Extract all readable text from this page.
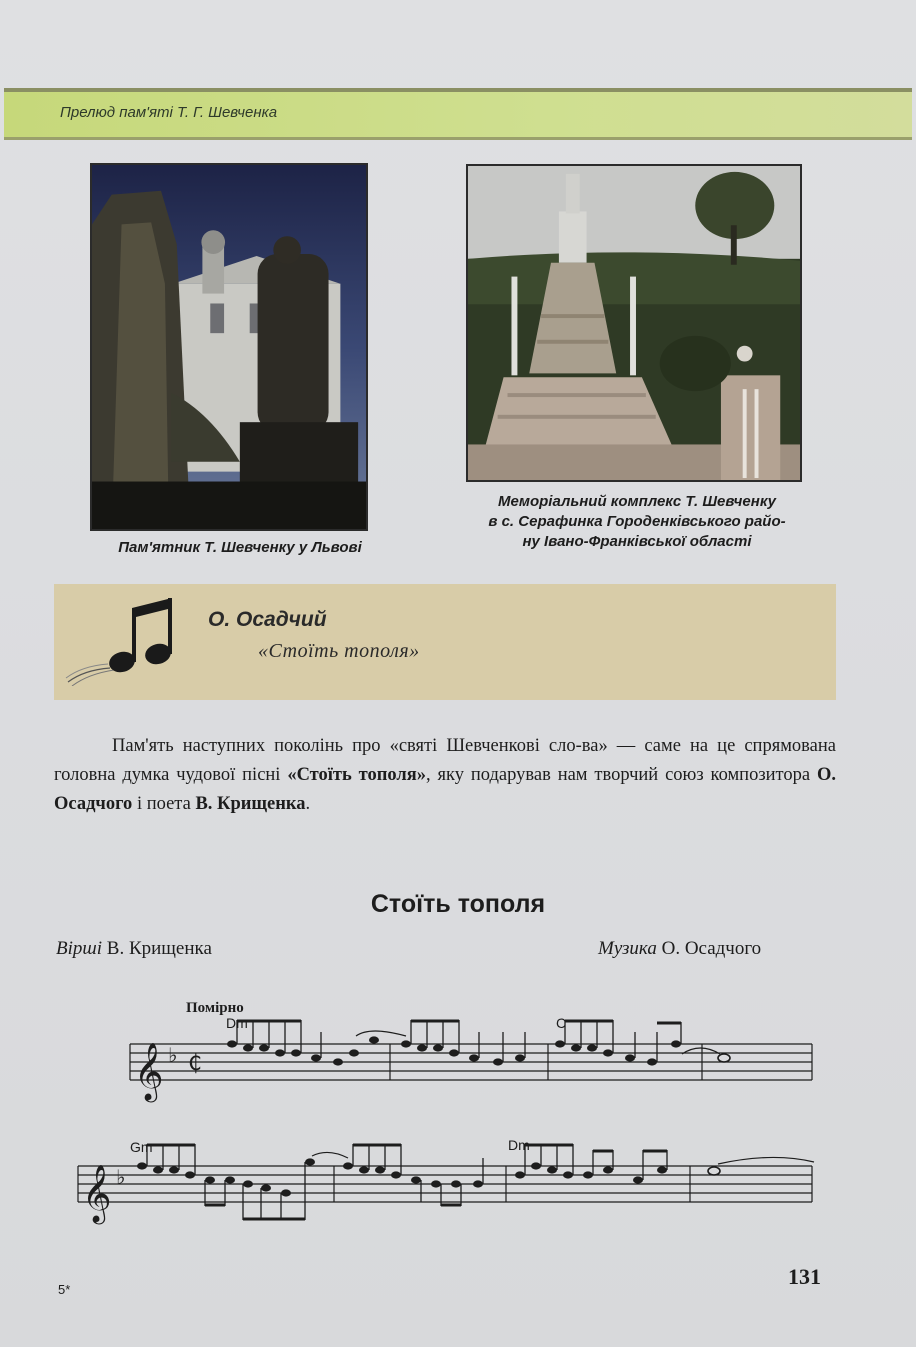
Прелюд пам'яті Т. Г. Шевченка
Пам'ятник Т. Шевченку у Львові
Меморіальний комплекс Т. Шевченку
в с. Серафинка Городенківського райо-
ну Івано-Франківської області
О. Осадчий
«Стоїть тополя»
Пам'ять наступних поколінь про «святі Шевченкові сло-ва» — саме на це спрямована головна думка чудової пісні «Стоїть тополя», яку подарував нам творчий союз композитора О. Осадчого і поета В. Крищенка.
Стоїть тополя
Вірші В. Крищенка	Музика О. Осадчого
Помірно
Dm	C
𝄞 ♭ ₵
Gm	Dm
𝄞 ♭
5*
131
